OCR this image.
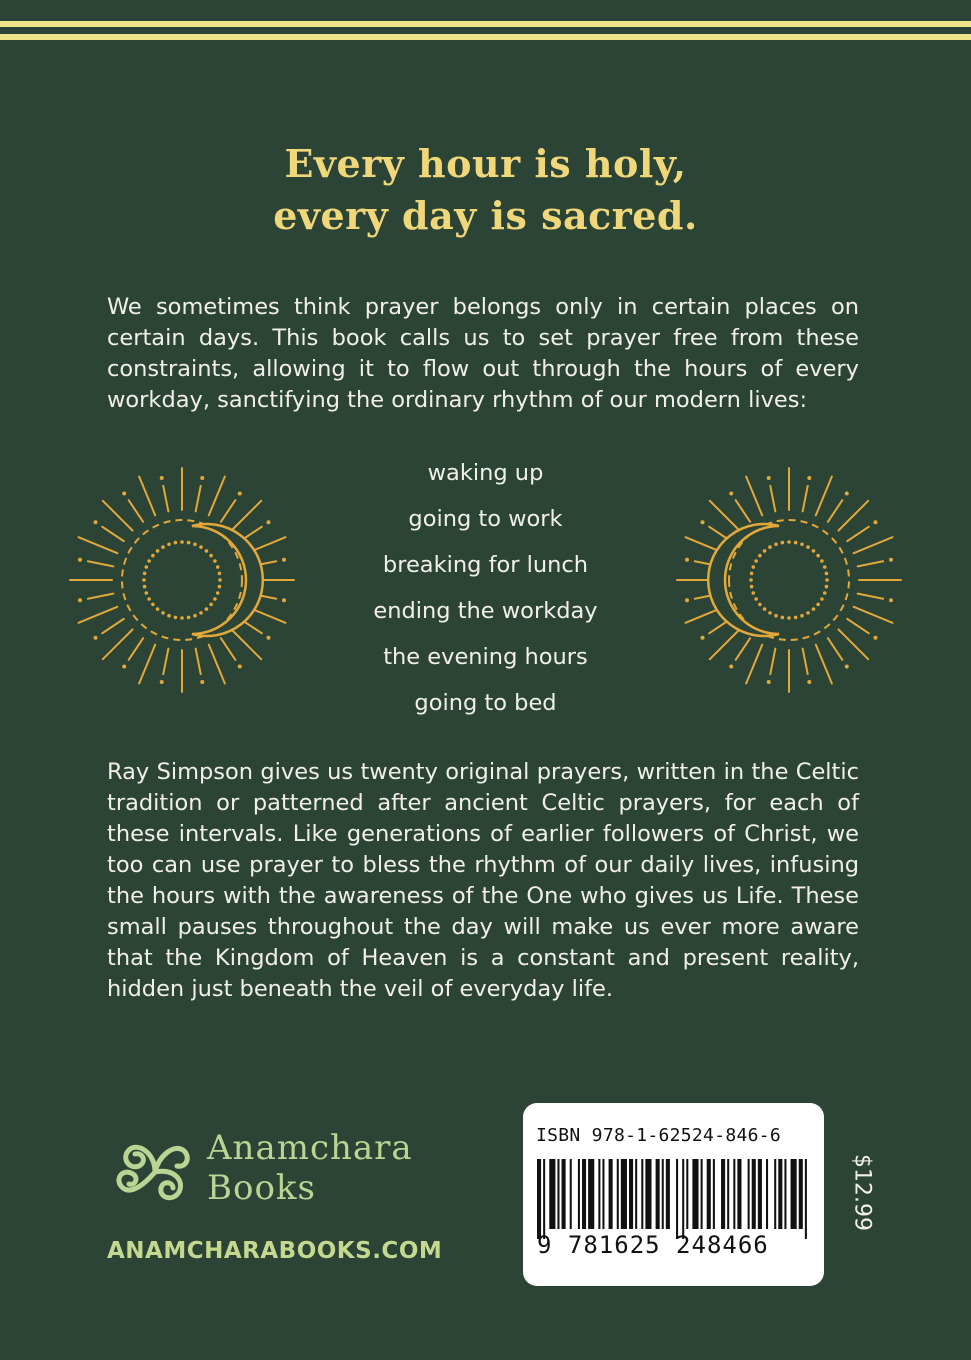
Every hour is holy,
every day is sacred.
We sometimes think prayer belongs only in certain places on certain days. This book calls us to set prayer free from these constraints, allowing it to flow out through the hours of every workday, sanctifying the ordinary rhythm of our modern lives:
waking up
going to work
breaking for lunch
ending the workday
the evening hours
going to bed
Ray Simpson gives us twenty original prayers, written in the Celtic tradition or patterned after ancient Celtic prayers, for each of these intervals. Like generations of earlier followers of Christ, we too can use prayer to bless the rhythm of our daily lives, infusing the hours with the awareness of the One who gives us Life. These small pauses throughout the day will make us ever more aware that the Kingdom of Heaven is a constant and present reality, hidden just beneath the veil of everyday life.
Anamchara
Books
ANAMCHARABOOKS.COM
ISBN 978-1-62524-846-6
9 781625 248466
$12.99
